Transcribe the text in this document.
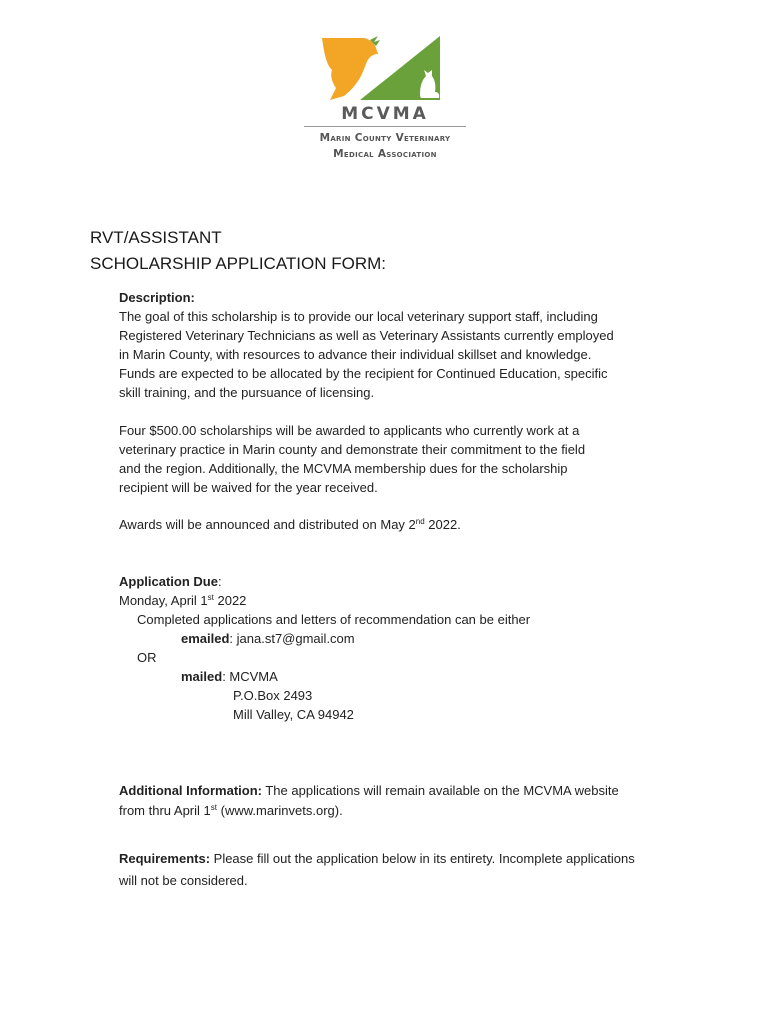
MCVMA
Marin County Veterinary
Medical Association
RVT/ASSISTANT
SCHOLARSHIP APPLICATION FORM:
Description:
The goal of this scholarship is to provide our local veterinary support staff, including
Registered Veterinary Technicians as well as Veterinary Assistants currently employed
in Marin County, with resources to advance their individual skillset and knowledge.
Funds are expected to be allocated by the recipient for Continued Education, specific
skill training, and the pursuance of licensing.
Four $500.00 scholarships will be awarded to applicants who currently work at a
veterinary practice in Marin county and demonstrate their commitment to the field
and the region. Additionally, the MCVMA membership dues for the scholarship
recipient will be waived for the year received.
Awards will be announced and distributed on May 2nd 2022.
Application Due:
Monday, April 1st 2022
Completed applications and letters of recommendation can be either
emailed: jana.st7@gmail.com
OR
mailed: MCVMA
P.O.Box 2493
Mill Valley, CA 94942
Additional Information: The applications will remain available on the MCVMA website
from thru April 1st (www.marinvets.org).
Requirements: Please fill out the application below in its entirety. Incomplete applications
will not be considered.
